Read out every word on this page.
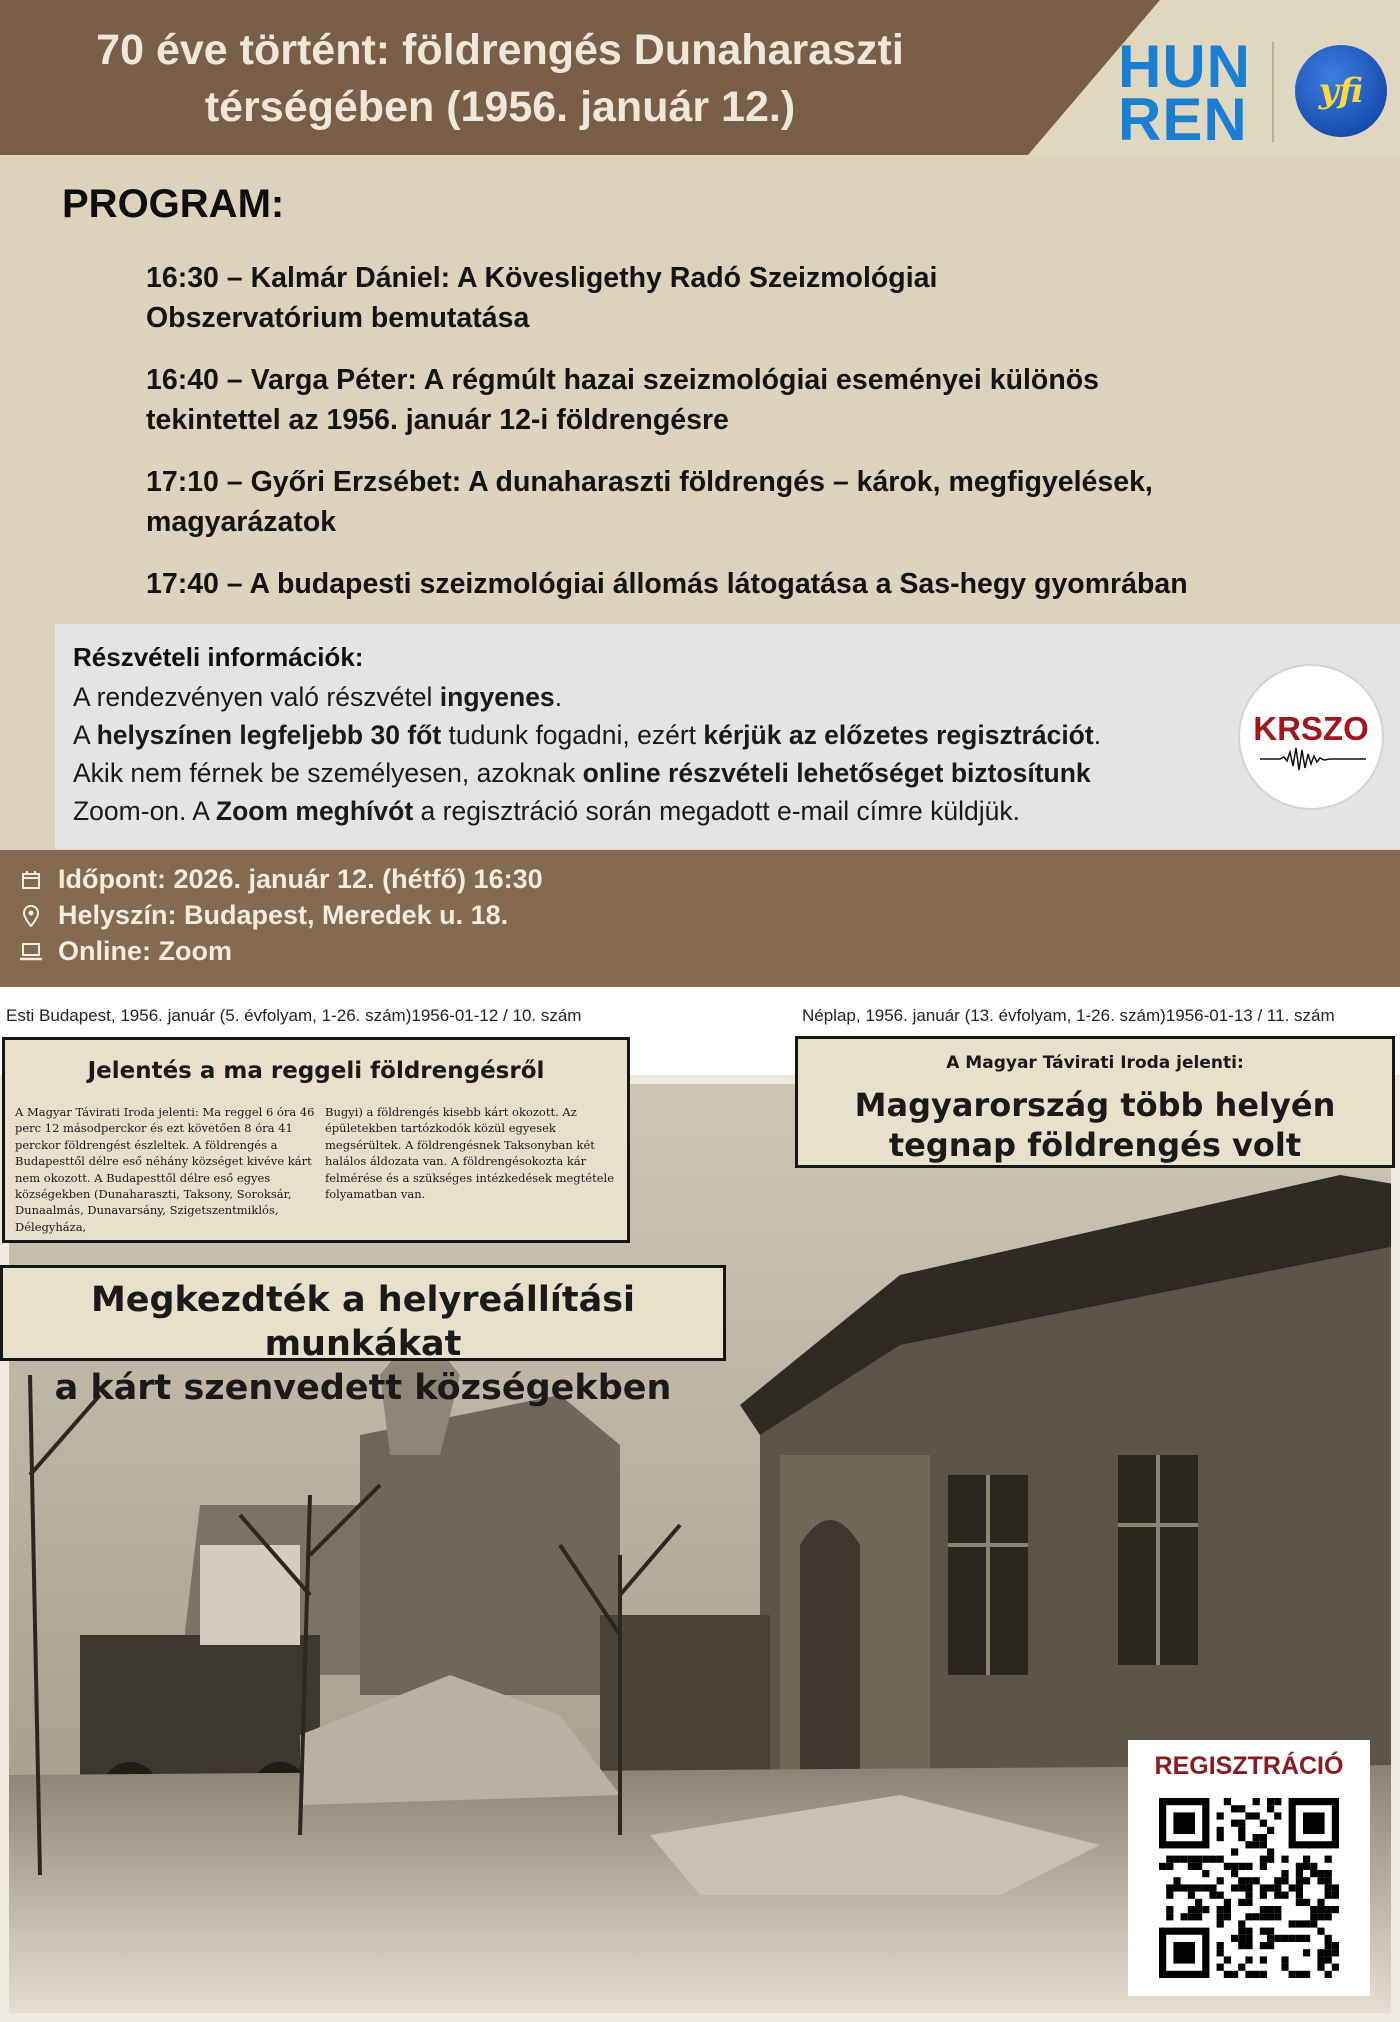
70 éve történt: földrengés Dunaharaszti
térségében (1956. január 12.)
HUN
REN yfi
PROGRAM:
16:30 – Kalmár Dániel: A Kövesligethy Radó Szeizmológiai
Obszervatórium bemutatása
16:40 – Varga Péter: A régmúlt hazai szeizmológiai eseményei különös
tekintettel az 1956. január 12-i földrengésre
17:10 – Győri Erzsébet: A dunaharaszti földrengés – károk, megfigyelések,
magyarázatok
17:40 – A budapesti szeizmológiai állomás látogatása a Sas-hegy gyomrában
Részvételi információk:
A rendezvényen való részvétel ingyenes.
A helyszínen legfeljebb 30 főt tudunk fogadni, ezért kérjük az előzetes regisztrációt.
Akik nem férnek be személyesen, azoknak online részvételi lehetőséget biztosítunk
Zoom-on. A Zoom meghívót a regisztráció során megadott e-mail címre küldjük.
KRSZO
Időpont: 2026. január 12. (hétfő) 16:30
Helyszín: Budapest, Meredek u. 18.
Online: Zoom
Esti Budapest, 1956. január (5. évfolyam, 1-26. szám)1956-01-12 / 10. szám	Néplap, 1956. január (13. évfolyam, 1-26. szám)1956-01-13 / 11. szám
Jelentés a ma reggeli földrengésről
A Magyar Távirati Iroda jelenti: Ma reggel 6 óra 46 perc 12 másodperckor és ezt követően 8 óra 41 perckor földrengést észleltek. A földrengés a Budapesttől délre eső néhány községet kivéve kárt nem okozott. A Budapesttől délre eső egyes községekben (Dunaharaszti, Taksony, Soroksár, Dunaalmás, Dunavarsány, Szigetszentmiklós, Délegyháza,
Bugyi) a földrengés kisebb kárt okozott. Az épületekben tartózkodók közül egyesek megsérültek. A földrengésnek Taksonyban két halálos áldozata van. A földrengésokozta kár felmérése és a szükséges intézkedések megtétele folyamatban van.
A Magyar Távirati Iroda jelenti:
Magyarország több helyén
tegnap földrengés volt
Megkezdték a helyreállítási munkákat
a kárt szenvedett községekben
REGISZTRÁCIÓ
